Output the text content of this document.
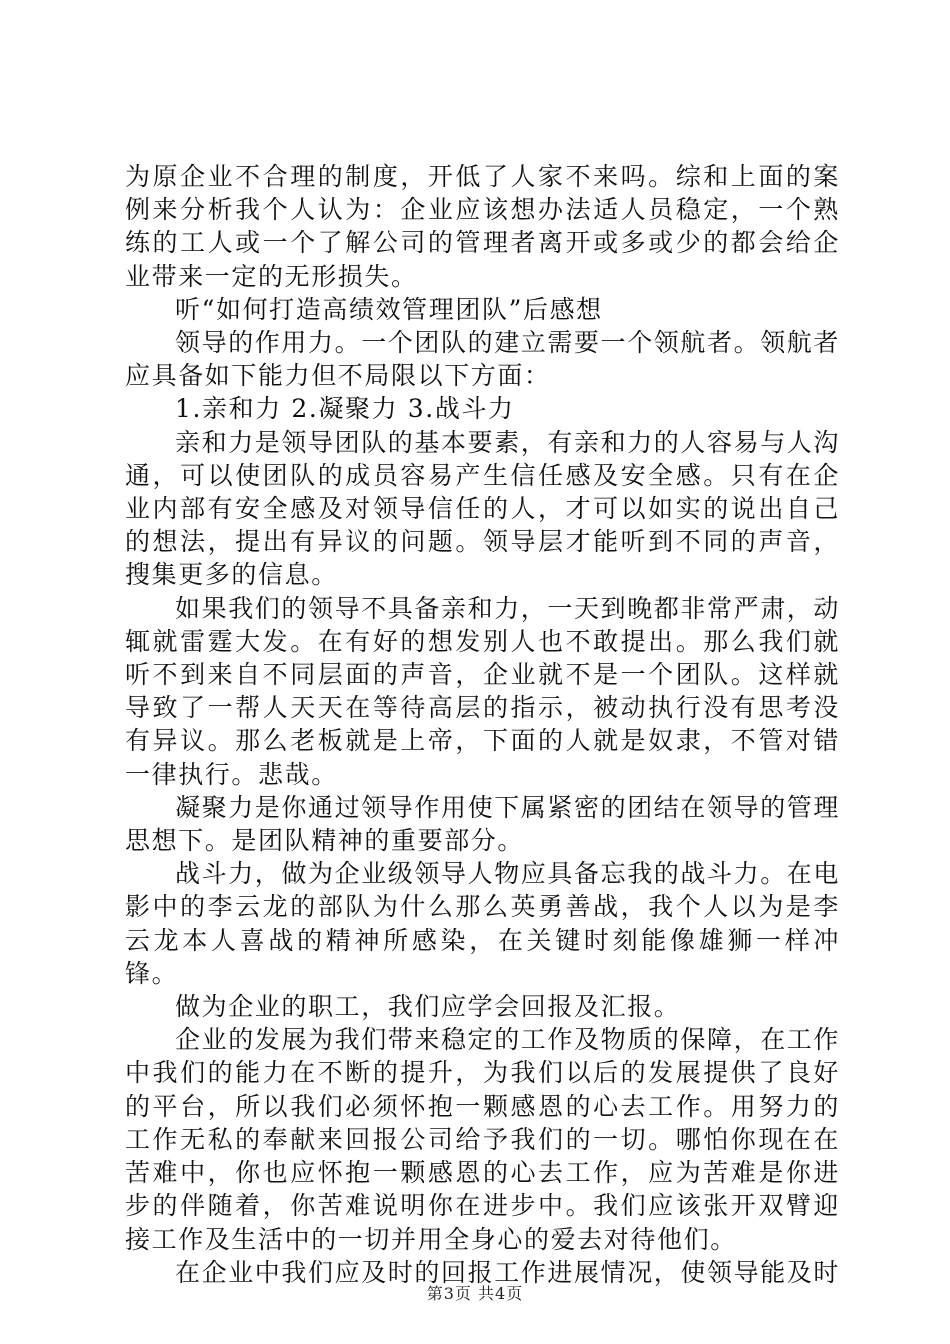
为原企业不合理的制度，开低了人家不来吗。综和上面的案例来分析我个人认为：企业应该想办法适人员稳定，一个熟练的工人或一个了解公司的管理者离开或多或少的都会给企业带来一定的无形损失。

听“如何打造高绩效管理团队”后感想

领导的作用力。一个团队的建立需要一个领航者。领航者应具备如下能力但不局限以下方面：

1.亲和力 2.凝聚力 3.战斗力

亲和力是领导团队的基本要素，有亲和力的人容易与人沟通，可以使团队的成员容易产生信任感及安全感。只有在企业内部有安全感及对领导信任的人，才可以如实的说出自己的想法，提出有异议的问题。领导层才能听到不同的声音，搜集更多的信息。

如果我们的领导不具备亲和力，一天到晚都非常严肃，动辄就雷霆大发。在有好的想发别人也不敢提出。那么我们就听不到来自不同层面的声音，企业就不是一个团队。这样就导致了一帮人天天在等待高层的指示，被动执行没有思考没有异议。那么老板就是上帝，下面的人就是奴隶，不管对错一律执行。悲哉。

凝聚力是你通过领导作用使下属紧密的团结在领导的管理思想下。是团队精神的重要部分。

战斗力，做为企业级领导人物应具备忘我的战斗力。在电影中的李云龙的部队为什么那么英勇善战，我个人以为是李云龙本人喜战的精神所感染，在关键时刻能像雄狮一样冲锋。

做为企业的职工，我们应学会回报及汇报。

企业的发展为我们带来稳定的工作及物质的保障，在工作中我们的能力在不断的提升，为我们以后的发展提供了良好的平台，所以我们必须怀抱一颗感恩的心去工作。用努力的工作无私的奉献来回报公司给予我们的一切。哪怕你现在在苦难中，你也应怀抱一颗感恩的心去工作，应为苦难是你进步的伴随着，你苦难说明你在进步中。我们应该张开双臂迎接工作及生活中的一切并用全身心的爱去对待他们。

在企业中我们应及时的回报工作进展情况，使领导能及时

第3页 共4页
